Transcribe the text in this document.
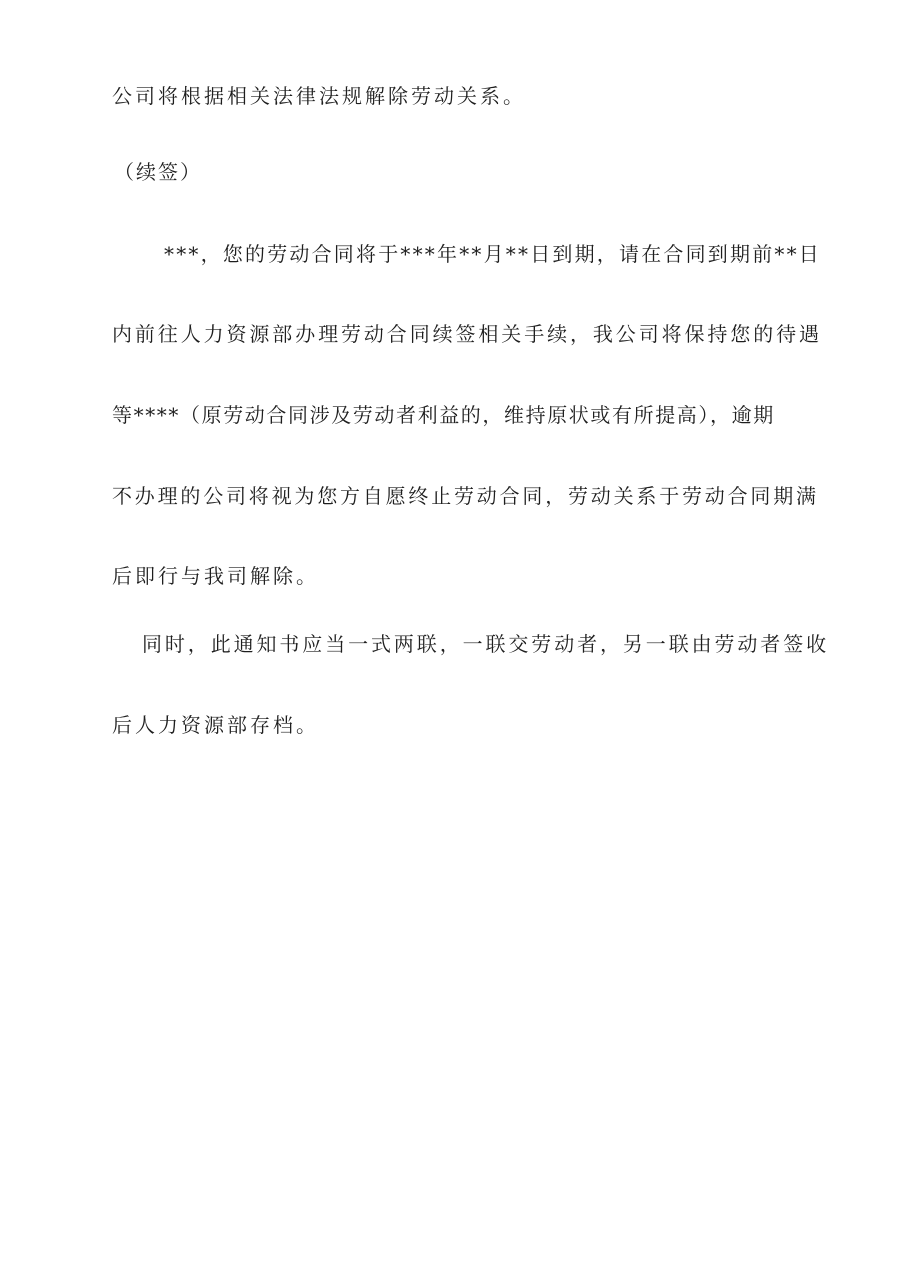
公司将根据相关法律法规解除劳动关系。

（续签）

***，您的劳动合同将于***年**月**日到期，请在合同到期前**日

内前往人力资源部办理劳动合同续签相关手续，我公司将保持您的待遇

等****（原劳动合同涉及劳动者利益的，维持原状或有所提高），逾期

不办理的公司将视为您方自愿终止劳动合同，劳动关系于劳动合同期满

后即行与我司解除。

同时，此通知书应当一式两联，一联交劳动者，另一联由劳动者签收

后人力资源部存档。
